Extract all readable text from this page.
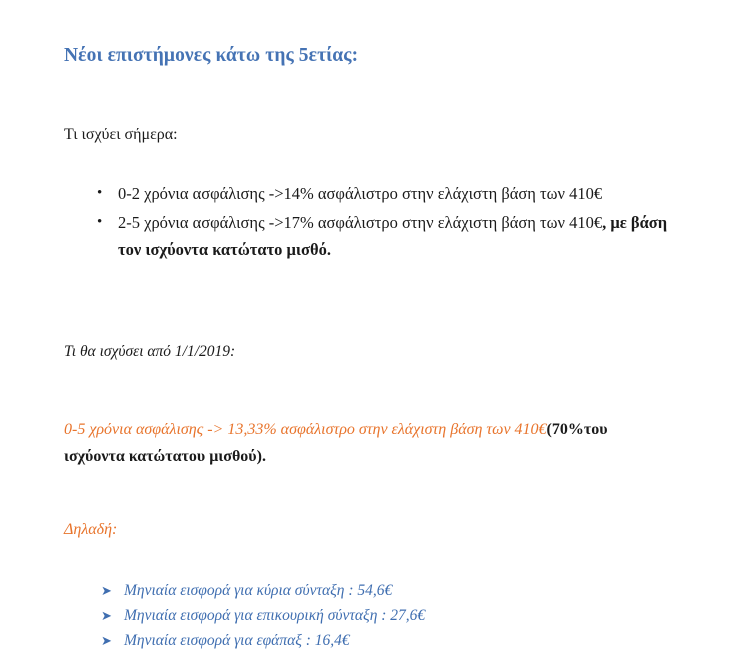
Νέοι επιστήμονες κάτω της 5ετίας:

Τι ισχύει σήμερα:

• 0-2 χρόνια ασφάλισης ->14% ασφάλιστρο στην ελάχιστη βάση των 410€
• 2-5 χρόνια ασφάλισης ->17% ασφάλιστρο στην ελάχιστη βάση των 410€, με βάση τον ισχύοντα κατώτατο μισθό.

Τι θα ισχύσει από 1/1/2019:

0-5 χρόνια ασφάλισης -> 13,33% ασφάλιστρο στην ελάχιστη βάση των 410€(70%του ισχύοντα κατώτατου μισθού).

Δηλαδή:

➤ Μηνιαία εισφορά για κύρια σύνταξη : 54,6€
➤ Μηνιαία εισφορά για επικουρική σύνταξη : 27,6€
➤ Μηνιαία εισφορά για εφάπαξ : 16,4€
